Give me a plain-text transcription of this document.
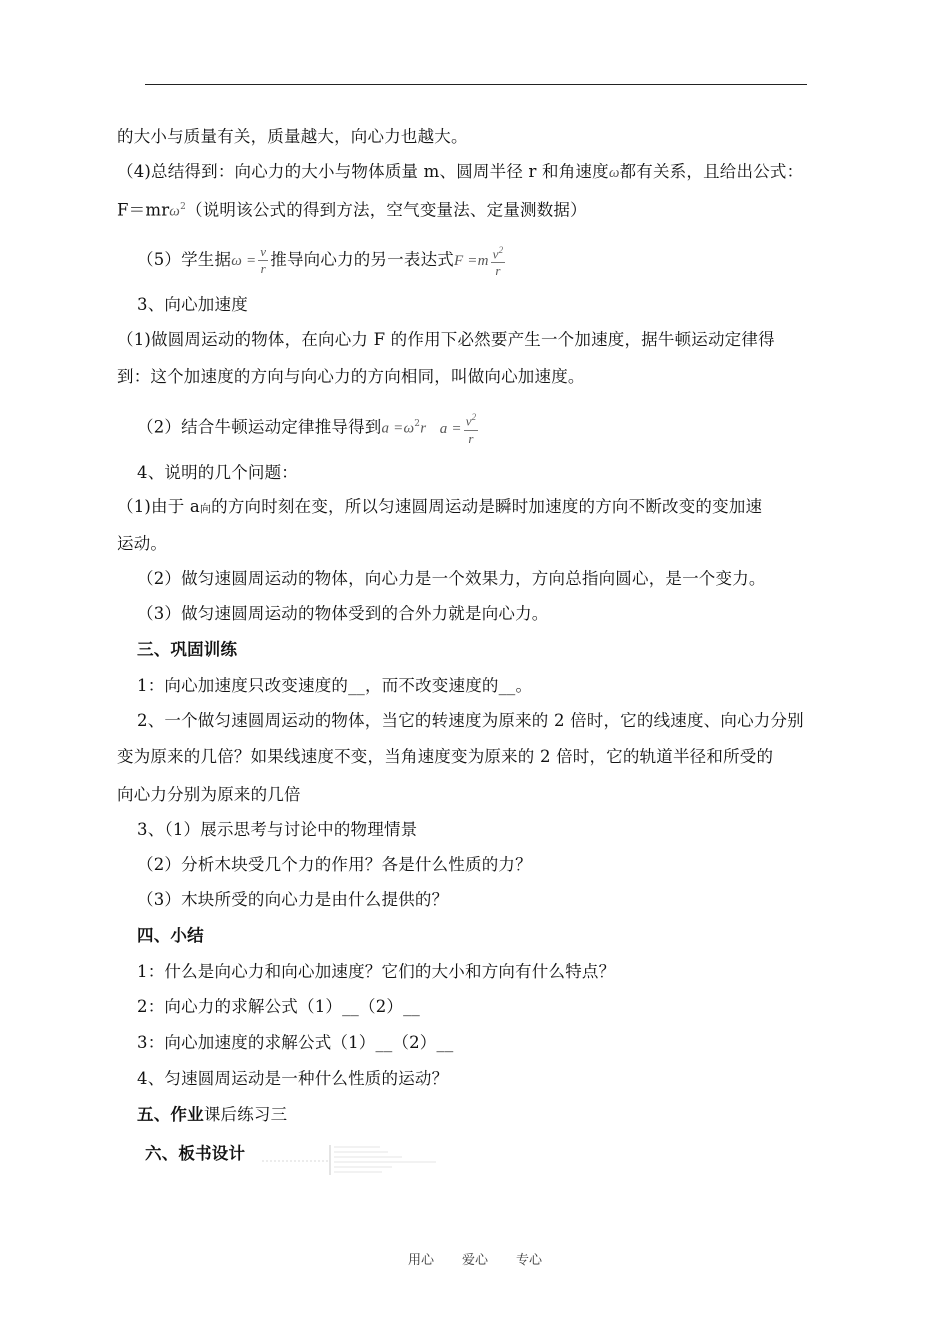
的大小与质量有关，质量越大，向心力也越大。
（4)总结得到：向心力的大小与物体质量 m、圆周半径 r 和角速度ω都有关系，且给出公式：
F＝mrω$^2$（说明该公式的得到方法，空气变量法、定量测数据）
（5）学生据$\omega = \frac{v}{r}$ 推导向心力的另一表达式$F =m \frac{v^2}{r}$
3、向心加速度
（1)做圆周运动的物体，在向心力 F 的作用下必然要产生一个加速度，据牛顿运动定律得
到：这个加速度的方向与向心力的方向相同，叫做向心加速度。
（2）结合牛顿运动定律推导得到$a =\omega^2r$ $a = \frac{v^2}{r}$
4、说明的几个问题：
（1)由于 a向的方向时刻在变，所以匀速圆周运动是瞬时加速度的方向不断改变的变加速
运动。
（2）做匀速圆周运动的物体，向心力是一个效果力，方向总指向圆心，是一个变力。
（3）做匀速圆周运动的物体受到的合外力就是向心力。
三、巩固训练
1：向心加速度只改变速度的__，而不改变速度的__。
2、一个做匀速圆周运动的物体，当它的转速度为原来的 2 倍时，它的线速度、向心力分别
变为原来的几倍？如果线速度不变，当角速度变为原来的 2 倍时，它的轨道半径和所受的
向心力分别为原来的几倍
3、（1）展示思考与讨论中的物理情景
（2）分析木块受几个力的作用？各是什么性质的力？
（3）木块所受的向心力是由什么提供的？
四、小结
1：什么是向心力和向心加速度？它们的大小和方向有什么特点？
2：向心力的求解公式（1）__（2）__
3：向心加速度的求解公式（1）__（2）__
4、匀速圆周运动是一种什么性质的运动？
五、作业课后练习三
六、板书设计
用心 爱心 专心
